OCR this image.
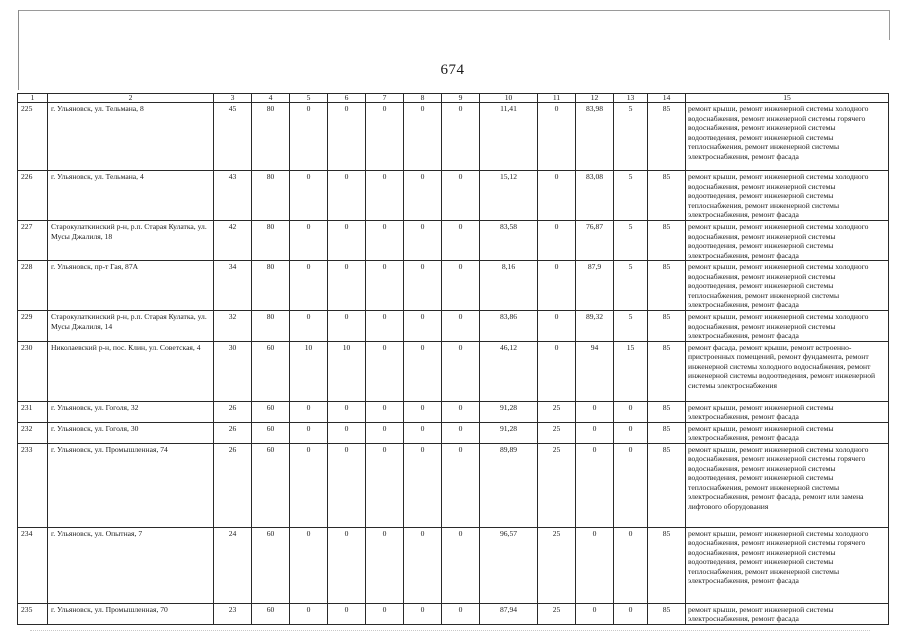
674
1	2	3	4	5	6	7	8	9	10	11	12	13	14	15
225	г. Ульяновск, ул. Тельмана, 8	45	80	0	0	0	0	0	11,41	0	83,98	5	85	ремонт крыши, ремонт инженерной системы холодного водоснабжения, ремонт инженерной системы горячего водоснабжения, ремонт инженерной системы водоотведения, ремонт инженерной системы теплоснабжения, ремонт инженерной системы электроснабжения, ремонт фасада
226	г. Ульяновск, ул. Тельмана, 4	43	80	0	0	0	0	0	15,12	0	83,08	5	85	ремонт крыши, ремонт инженерной системы холодного водоснабжения, ремонт инженерной системы водоотведения, ремонт инженерной системы теплоснабжения, ремонт инженерной системы электроснабжения, ремонт фасада
227	Старокулаткинский р-н, р.п. Старая Кулатка, ул. Мусы Джалиля, 18	42	80	0	0	0	0	0	83,58	0	76,87	5	85	ремонт крыши, ремонт инженерной системы холодного водоснабжения, ремонт инженерной системы водоотведения, ремонт инженерной системы электроснабжения, ремонт фасада
228	г. Ульяновск, пр-т Гая, 87А	34	80	0	0	0	0	0	8,16	0	87,9	5	85	ремонт крыши, ремонт инженерной системы холодного водоснабжения, ремонт инженерной системы водоотведения, ремонт инженерной системы теплоснабжения, ремонт инженерной системы электроснабжения, ремонт фасада
229	Старокулаткинский р-н, р.п. Старая Кулатка, ул. Мусы Джалиля, 14	32	80	0	0	0	0	0	83,86	0	89,32	5	85	ремонт крыши, ремонт инженерной системы холодного водоснабжения, ремонт инженерной системы электроснабжения, ремонт фасада
230	Николаевский р-н, пос. Клин, ул. Советская, 4	30	60	10	10	0	0	0	46,12	0	94	15	85	ремонт фасада, ремонт крыши, ремонт встроенно-пристроенных помещений, ремонт фундамента, ремонт инженерной системы холодного водоснабжения, ремонт инженерной системы водоотведения, ремонт инженерной системы электроснабжения
231	г. Ульяновск, ул. Гоголя, 32	26	60	0	0	0	0	0	91,28	25	0	0	85	ремонт крыши, ремонт инженерной системы электроснабжения, ремонт фасада
232	г. Ульяновск, ул. Гоголя, 30	26	60	0	0	0	0	0	91,28	25	0	0	85	ремонт крыши, ремонт инженерной системы электроснабжения, ремонт фасада
233	г. Ульяновск, ул. Промышленная, 74	26	60	0	0	0	0	0	89,89	25	0	0	85	ремонт крыши, ремонт инженерной системы холодного водоснабжения, ремонт инженерной системы горячего водоснабжения, ремонт инженерной системы водоотведения, ремонт инженерной системы теплоснабжения, ремонт инженерной системы электроснабжения, ремонт фасада, ремонт или замена лифтового оборудования
234	г. Ульяновск, ул. Опытная, 7	24	60	0	0	0	0	0	96,57	25	0	0	85	ремонт крыши, ремонт инженерной системы холодного водоснабжения, ремонт инженерной системы горячего водоснабжения, ремонт инженерной системы водоотведения, ремонт инженерной системы теплоснабжения, ремонт инженерной системы электроснабжения, ремонт фасада
235	г. Ульяновск, ул. Промышленная, 70	23	60	0	0	0	0	0	87,94	25	0	0	85	ремонт крыши, ремонт инженерной системы электроснабжения, ремонт фасада
